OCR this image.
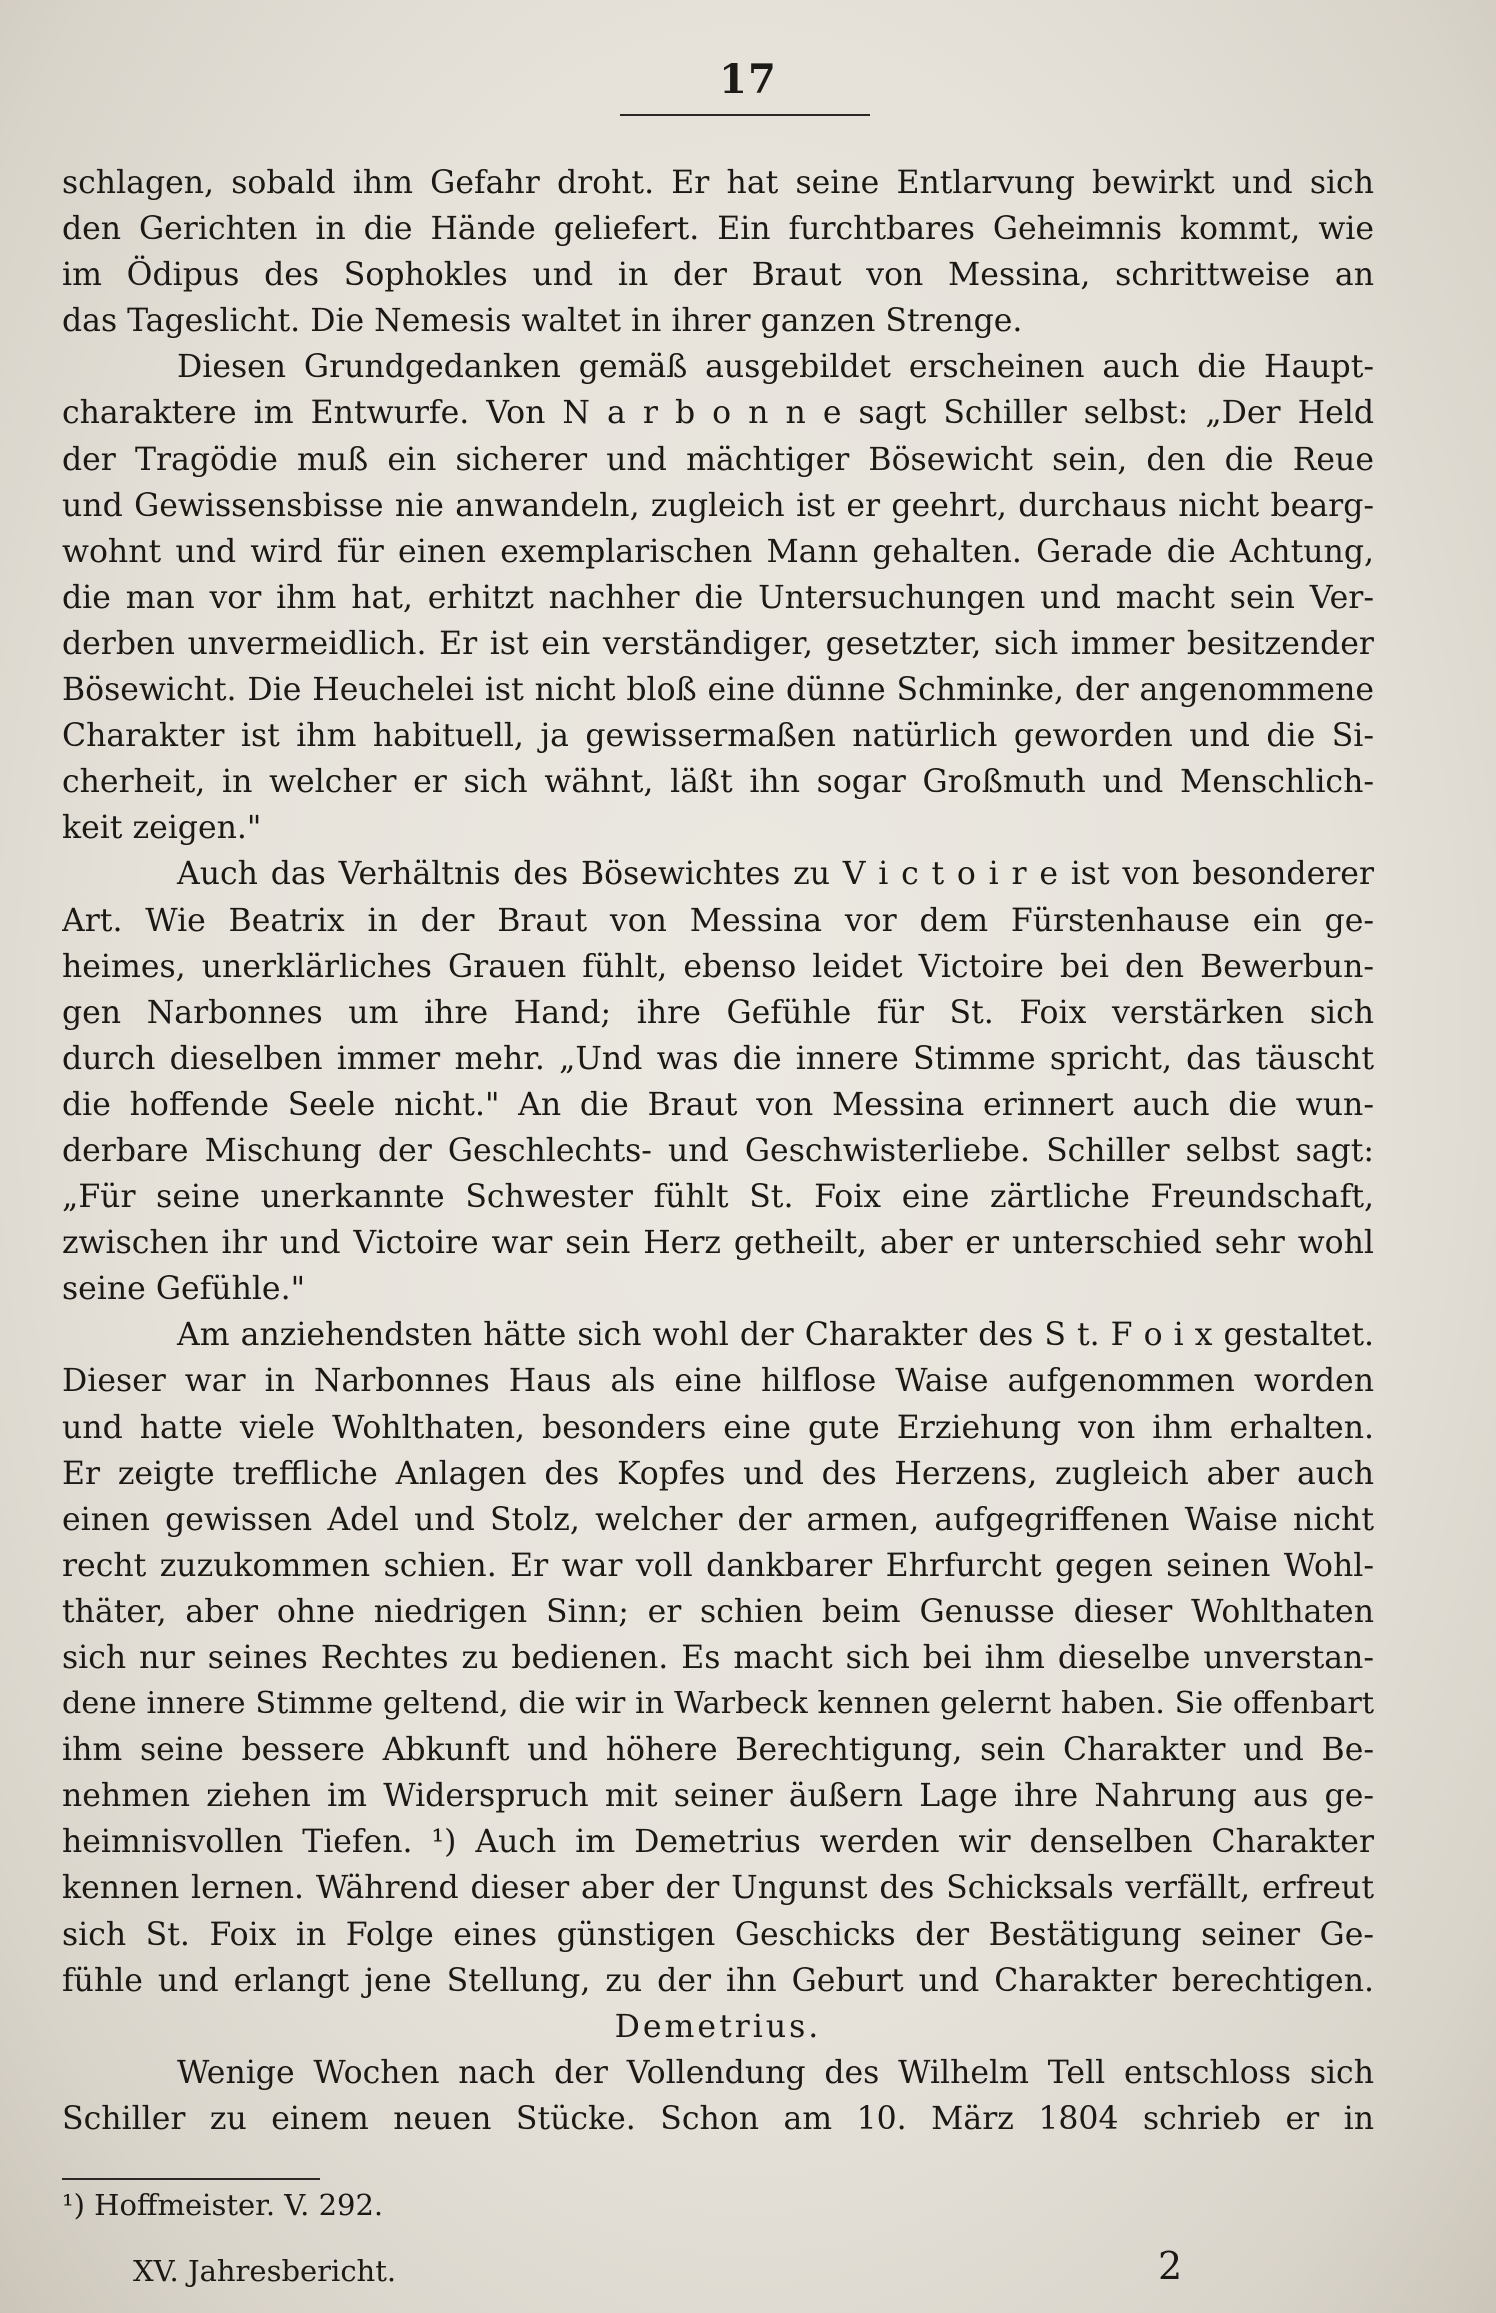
17
schlagen, sobald ihm Gefahr droht. Er hat seine Entlarvung bewirkt und sich
den Gerichten in die Hände geliefert. Ein furchtbares Geheimnis kommt, wie
im Ödipus des Sophokles und in der Braut von Messina, schrittweise an
das Tageslicht. Die Nemesis waltet in ihrer ganzen Strenge.
Diesen Grundgedanken gemäß ausgebildet erscheinen auch die Haupt-
charaktere im Entwurfe. Von N a r b o n n e sagt Schiller selbst: „Der Held
der Tragödie muß ein sicherer und mächtiger Bösewicht sein, den die Reue
und Gewissensbisse nie anwandeln, zugleich ist er geehrt, durchaus nicht bearg-
wohnt und wird für einen exemplarischen Mann gehalten. Gerade die Achtung,
die man vor ihm hat, erhitzt nachher die Untersuchungen und macht sein Ver-
derben unvermeidlich. Er ist ein verständiger, gesetzter, sich immer besitzender
Bösewicht. Die Heuchelei ist nicht bloß eine dünne Schminke, der angenommene
Charakter ist ihm habituell, ja gewissermaßen natürlich geworden und die Si-
cherheit, in welcher er sich wähnt, läßt ihn sogar Großmuth und Menschlich-
keit zeigen."
Auch das Verhältnis des Bösewichtes zu V i c t o i r e ist von besonderer
Art. Wie Beatrix in der Braut von Messina vor dem Fürstenhause ein ge-
heimes, unerklärliches Grauen fühlt, ebenso leidet Victoire bei den Bewerbun-
gen Narbonnes um ihre Hand; ihre Gefühle für St. Foix verstärken sich
durch dieselben immer mehr. „Und was die innere Stimme spricht, das täuscht
die hoffende Seele nicht." An die Braut von Messina erinnert auch die wun-
derbare Mischung der Geschlechts- und Geschwisterliebe. Schiller selbst sagt:
„Für seine unerkannte Schwester fühlt St. Foix eine zärtliche Freundschaft,
zwischen ihr und Victoire war sein Herz getheilt, aber er unterschied sehr wohl
seine Gefühle."
Am anziehendsten hätte sich wohl der Charakter des S t. F o i x gestaltet.
Dieser war in Narbonnes Haus als eine hilflose Waise aufgenommen worden
und hatte viele Wohlthaten, besonders eine gute Erziehung von ihm erhalten.
Er zeigte treffliche Anlagen des Kopfes und des Herzens, zugleich aber auch
einen gewissen Adel und Stolz, welcher der armen, aufgegriffenen Waise nicht
recht zuzukommen schien. Er war voll dankbarer Ehrfurcht gegen seinen Wohl-
thäter, aber ohne niedrigen Sinn; er schien beim Genusse dieser Wohlthaten
sich nur seines Rechtes zu bedienen. Es macht sich bei ihm dieselbe unverstan-
dene innere Stimme geltend, die wir in Warbeck kennen gelernt haben. Sie offenbart
ihm seine bessere Abkunft und höhere Berechtigung, sein Charakter und Be-
nehmen ziehen im Widerspruch mit seiner äußern Lage ihre Nahrung aus ge-
heimnisvollen Tiefen. ¹) Auch im Demetrius werden wir denselben Charakter
kennen lernen. Während dieser aber der Ungunst des Schicksals verfällt, erfreut
sich St. Foix in Folge eines günstigen Geschicks der Bestätigung seiner Ge-
fühle und erlangt jene Stellung, zu der ihn Geburt und Charakter berechtigen.
Demetrius.
Wenige Wochen nach der Vollendung des Wilhelm Tell entschloss sich
Schiller zu einem neuen Stücke. Schon am 10. März 1804 schrieb er in
¹) Hoffmeister. V. 292.
XV. Jahresbericht.	2
